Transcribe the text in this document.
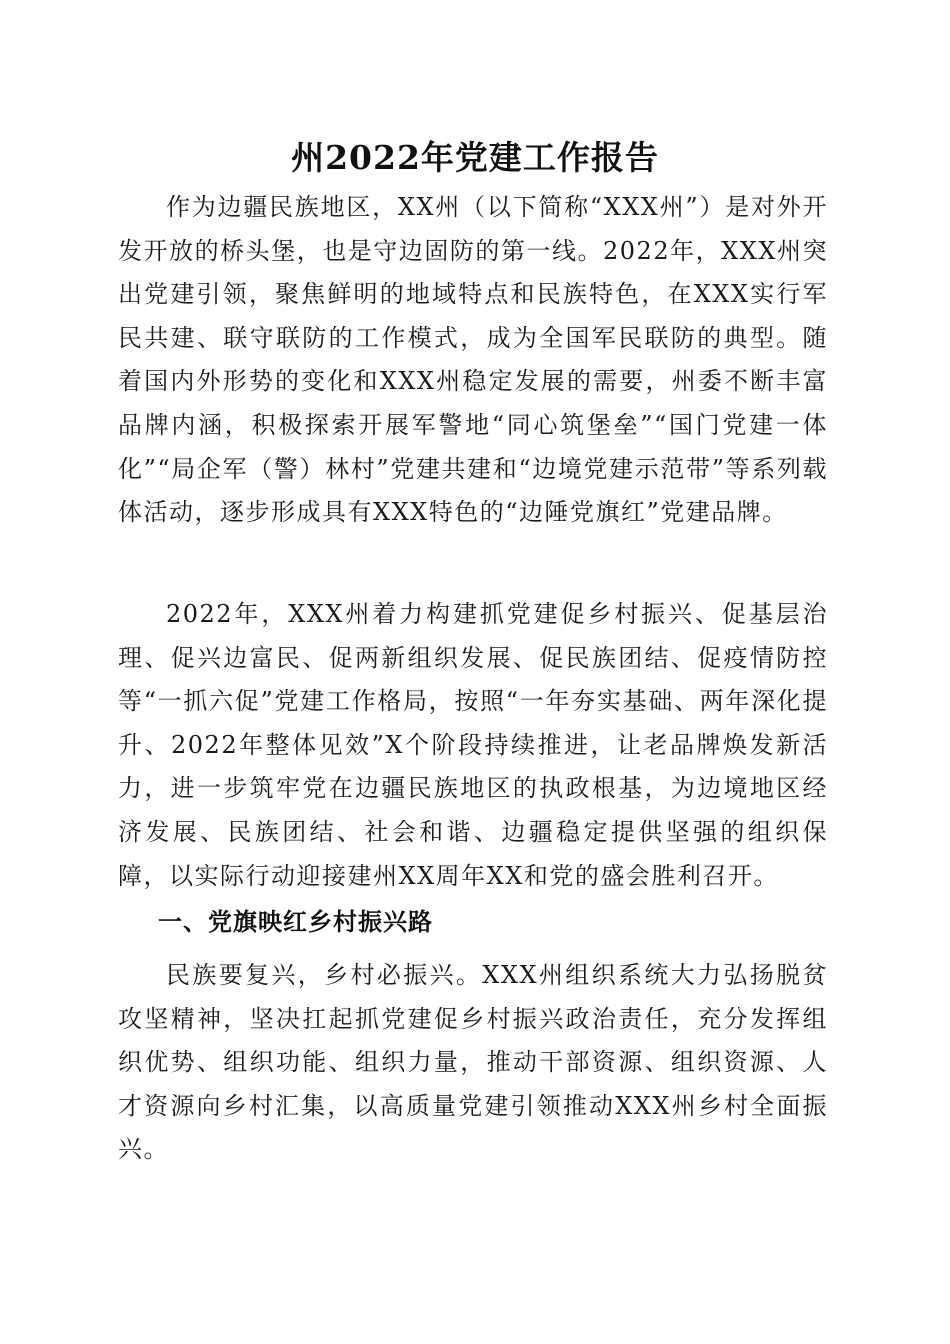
州2022年党建工作报告

作为边疆民族地区，XX州（以下简称“XXX州”）是对外开发开放的桥头堡，也是守边固防的第一线。2022年，XXX州突出党建引领，聚焦鲜明的地域特点和民族特色，在XXX实行军民共建、联守联防的工作模式，成为全国军民联防的典型。随着国内外形势的变化和XXX州稳定发展的需要，州委不断丰富品牌内涵，积极探索开展军警地“同心筑堡垒”“国门党建一体化”“局企军（警）林村”党建共建和“边境党建示范带”等系列载体活动，逐步形成具有XXX特色的“边陲党旗红”党建品牌。

2022年，XXX州着力构建抓党建促乡村振兴、促基层治理、促兴边富民、促两新组织发展、促民族团结、促疫情防控等“一抓六促”党建工作格局，按照“一年夯实基础、两年深化提升、2022年整体见效”X个阶段持续推进，让老品牌焕发新活力，进一步筑牢党在边疆民族地区的执政根基，为边境地区经济发展、民族团结、社会和谐、边疆稳定提供坚强的组织保障，以实际行动迎接建州XX周年XX和党的盛会胜利召开。

一、党旗映红乡村振兴路

民族要复兴，乡村必振兴。XXX州组织系统大力弘扬脱贫攻坚精神，坚决扛起抓党建促乡村振兴政治责任，充分发挥组织优势、组织功能、组织力量，推动干部资源、组织资源、人才资源向乡村汇集，以高质量党建引领推动XXX州乡村全面振兴。
